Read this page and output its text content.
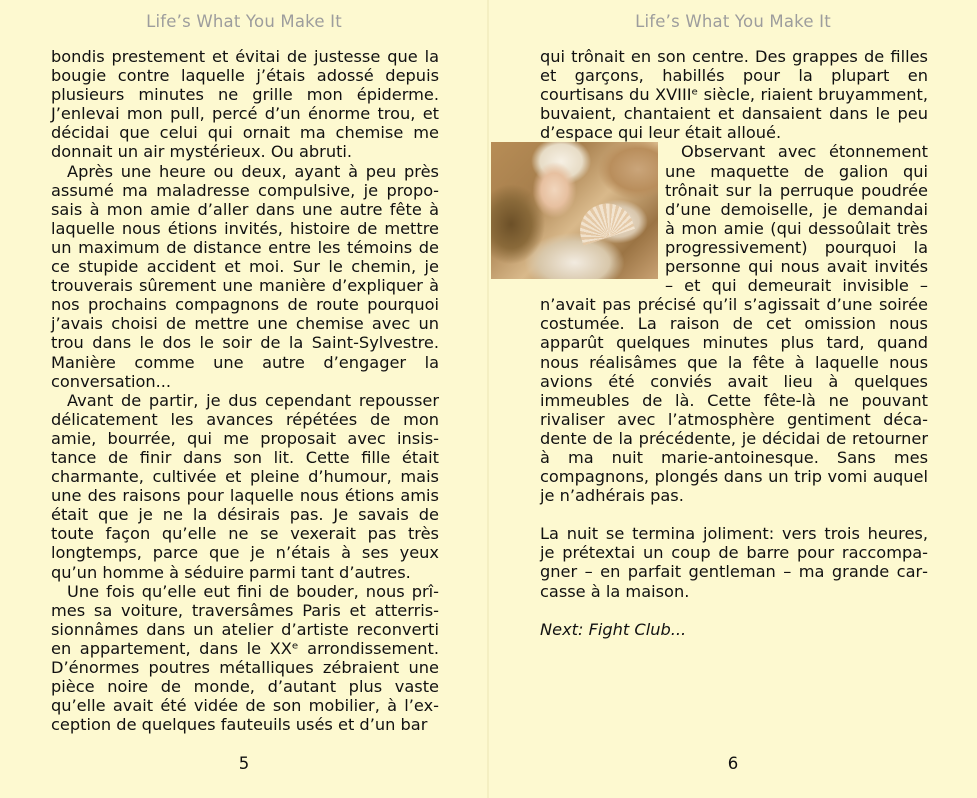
Life’s What You Make It

bondis prestement et évitai de justesse que la bougie contre laquelle j’étais adossé depuis plusieurs minutes ne grille mon épiderme. J’enlevai mon pull, percé d’un énorme trou, et décidai que celui qui ornait ma chemise me donnait un air mystérieux. Ou abruti.

Après une heure ou deux, ayant à peu près assumé ma maladresse compulsive, je proposais à mon amie d’aller dans une autre fête à laquelle nous étions invités, histoire de mettre un maximum de distance entre les témoins de ce stupide accident et moi. Sur le chemin, je trouverais sûrement une manière d’expliquer à nos prochains compagnons de route pourquoi j’avais choisi de mettre une chemise avec un trou dans le dos le soir de la Saint-Sylvestre. Manière comme une autre d’engager la conversation...

Avant de partir, je dus cependant repousser délicatement les avances répétées de mon amie, bourrée, qui me proposait avec insistance de finir dans son lit. Cette fille était charmante, cultivée et pleine d’humour, mais une des raisons pour laquelle nous étions amis était que je ne la désirais pas. Je savais de toute façon qu’elle ne se vexerait pas très longtemps, parce que je n’étais à ses yeux qu’un homme à séduire parmi tant d’autres.

Une fois qu’elle eut fini de bouder, nous prîmes sa voiture, traversâmes Paris et atterrissionnâmes dans un atelier d’artiste reconverti en appartement, dans le XXᵉ arrondissement. D’énormes poutres métalliques zébraient une pièce noire de monde, d’autant plus vaste qu’elle avait été vidée de son mobilier, à l’exception de quelques fauteuils usés et d’un bar

5
Life’s What You Make It

qui trônait en son centre. Des grappes de filles et garçons, habillés pour la plupart en courtisans du XVIIIᵉ siècle, riaient bruyamment, buvaient, chantaient et dansaient dans le peu d’espace qui leur était alloué.

Observant avec étonnement une maquette de galion qui trônait sur la perruque poudrée d’une demoiselle, je demandai à mon amie (qui dessoûlait très progressivement) pourquoi la personne qui nous avait invités – et qui demeurait invisible – n’avait pas précisé qu’il s’agissait d’une soirée costumée. La raison de cet omission nous apparût quelques minutes plus tard, quand nous réalisâmes que la fête à laquelle nous avions été conviés avait lieu à quelques immeubles de là. Cette fête-là ne pouvant rivaliser avec l’atmosphère gentiment décadente de la précédente, je décidai de retourner à ma nuit marie-antoinesque. Sans mes compagnons, plongés dans un trip vomi auquel je n’adhérais pas.

La nuit se termina joliment: vers trois heures, je prétextai un coup de barre pour raccompagner – en parfait gentleman – ma grande carcasse à la maison.

Next: Fight Club...

6
